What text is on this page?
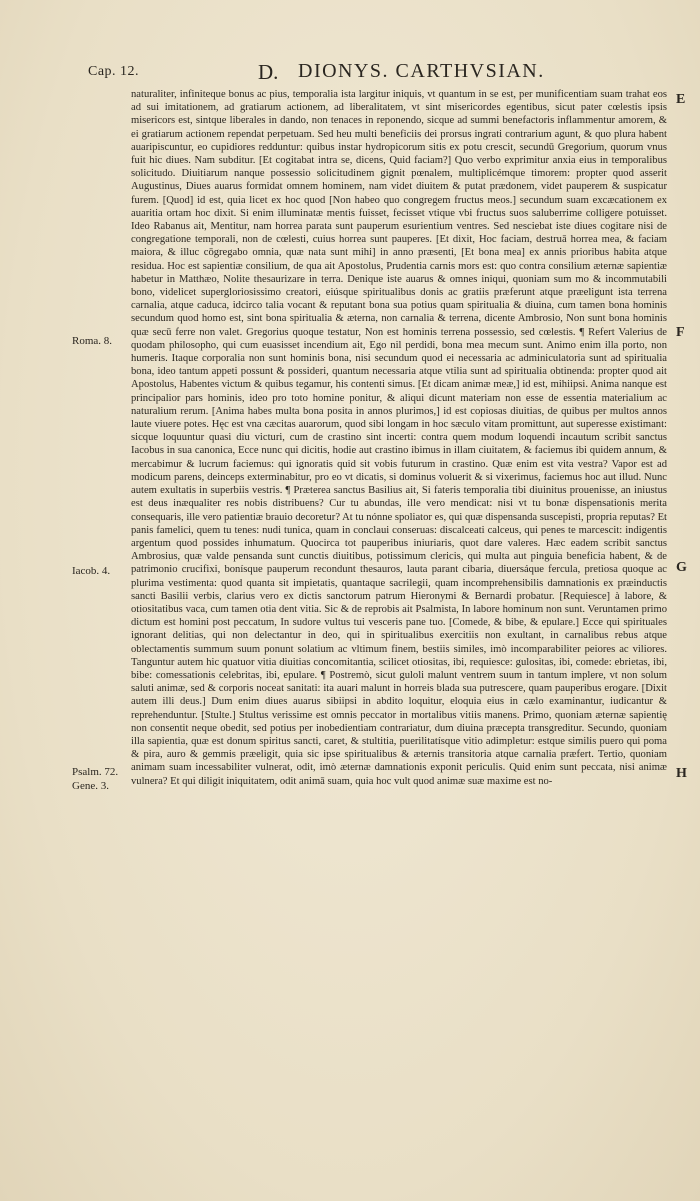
Cap. 12.	D. DIONYS. CARTHVSIAN.
Roma. 8.
Iacob. 4.
Psalm. 72.
Gene. 3.
E
F
G
H

naturaliter, infiniteque bonus ac pius, temporalia ista largitur iniquis, vt quantum in se est, per munificentiam suam trahat eos ad sui imitationem, ad gratiarum actionem, ad liberalitatem, vt sint misericordes egentibus, sicut pater cœlestis ipsis misericors est, sintque liberales in dando, non tenaces in reponendo, sicque ad summi benefactoris inflammentur amorem, & ei gratiarum actionem rependat perpetuam. Sed heu multi beneficiis dei prorsus ingrati contrarium agunt, & quo plura habent auaripiscuntur, eo cupidiores redduntur: quibus instar hydropicorum sitis ex potu crescit, secundū Gregorium, quorum vnus fuit hic diues. Nam subditur. [Et cogitabat intra se, dicens, Quid faciam?] Quo verbo exprimitur anxia eius in temporalibus solicitudo. Diuitiarum nanque possessio solicitudinem gignit pœnalem, multiplicémque timorem: propter quod asserit Augustinus, Diues auarus formidat omnem hominem, nam videt diuitem & putat prædonem, videt pauperem & suspicatur furem. [Quod] id est, quia licet ex hoc quod [Non habeo quo congregem fructus meos.] secundum suam excæcationem ex auaritia ortam hoc dixit. Si enim illuminatæ mentis fuisset, fecisset vtique vbi fructus suos saluberrime colligere potuisset. Ideo Rabanus ait, Mentitur, nam horrea parata sunt pauperum esurientium ventres. Sed nesciebat iste diues cogitare nisi de congregatione temporali, non de cœlesti, cuius horrea sunt pauperes. [Et dixit, Hoc faciam, destruā horrea mea, & faciam maiora, & illuc cōgregabo omnia, quæ nata sunt mihi] in anno præsenti, [Et bona mea] ex annis prioribus habita atque residua. Hoc est sapientiæ consilium, de qua ait Apostolus, Prudentia carnis mors est: quo contra consilium æternæ sapientiæ habetur in Matthæo, Nolite thesaurizare in terra. Denique iste auarus & omnes iniqui, quoniam sum mo & incommutabili bono, videlicet supergloriosissimo creatori, eiúsque spiritualibus donis ac gratiis præferunt atque præeligunt ista terrena carnalia, atque caduca, idcirco talia vocant & reputant bona sua potius quam spiritualia & diuina, cum tamen bona hominis secundum quod homo est, sint bona spiritualia & æterna, non carnalia & terrena, dicente Ambrosio, Non sunt bona hominis quæ secū ferre non valet. Gregorius quoque testatur, Non est hominis terrena possessio, sed cœlestis. ¶ Refert Valerius de quodam philosopho, qui cum euasisset incendium ait, Ego nil perdidi, bona mea mecum sunt. Animo enim illa porto, non humeris. Itaque corporalia non sunt hominis bona, nisi secundum quod ei necessaria ac adminiculatoria sunt ad spiritualia bona, ideo tantum appeti possunt & possideri, quantum necessaria atque vtilia sunt ad spiritualia obtinenda: propter quod ait Apostolus, Habentes victum & quibus tegamur, his contenti simus. [Et dicam animæ meæ,] id est, mihiipsi. Anima nanque est principalior pars hominis, ideo pro toto homine ponitur, & aliqui dicunt materiam non esse de essentia materialium ac naturalium rerum. [Anima habes multa bona posita in annos plurimos,] id est copiosas diuitias, de quibus per multos annos laute viuere potes. Hęc est vna cæcitas auarorum, quod sibi longam in hoc sæculo vitam promittunt, aut superesse existimant: sicque loquuntur quasi diu victuri, cum de crastino sint incerti: contra quem modum loquendi incautum scribit sanctus Iacobus in sua canonica, Ecce nunc qui dicitis, hodie aut crastino ibimus in illam ciuitatem, & faciemus ibi quidem annum, & mercabimur & lucrum faciemus: qui ignoratis quid sit vobis futurum in crastino. Quæ enim est vita vestra? Vapor est ad modicum parens, deinceps exterminabitur, pro eo vt dicatis, si dominus voluerit & si vixerimus, faciemus hoc aut illud. Nunc autem exultatis in superbiis vestris. ¶ Præterea sanctus Basilius ait, Si fateris temporalia tibi diuinitus prouenisse, an iniustus est deus inæqualiter res nobis distribuens? Cur tu abundas, ille vero mendicat: nisi vt tu bonæ dispensationis merita consequaris, ille vero patientiæ brauio decoretur? At tu nónne spoliator es, qui quæ dispensanda suscepisti, propria reputas? Et panis famelici, quem tu tenes: nudi tunica, quam in conclaui conseruas: discalceati calceus, qui penes te marcescit: indigentis argentum quod possides inhumatum. Quocirca tot pauperibus iniuriaris, quot dare valeres. Hæc eadem scribit sanctus Ambrosius, quæ valde pensanda sunt cunctis diuitibus, potissimum clericis, qui multa aut pinguia beneficia habent, & de patrimonio crucifixi, bonísque pauperum recondunt thesauros, lauta parant cibaria, diuersáque fercula, pretiosa quoque ac plurima vestimenta: quod quanta sit impietatis, quantaque sacrilegii, quam incomprehensibilis damnationis ex præinductis sancti Basilii verbis, clarius vero ex dictis sanctorum patrum Hieronymi & Bernardi probatur. [Requiesce] à labore, & otiositatibus vaca, cum tamen otia dent vitia. Sic & de reprobis ait Psalmista, In labore hominum non sunt. Veruntamen primo dictum est homini post peccatum, In sudore vultus tui vesceris pane tuo. [Comede, & bibe, & epulare.] Ecce qui spirituales ignorant delitias, qui non delectantur in deo, qui in spiritualibus exercitiis non exultant, in carnalibus rebus atque oblectamentis summum suum ponunt solatium ac vltimum finem, bestiis similes, imò incomparabiliter peiores ac viliores. Tanguntur autem hic quatuor vitia diuitias concomitantia, scilicet otiositas, ibi, requiesce: gulositas, ibi, comede: ebrietas, ibi, bibe: comessationis celebritas, ibi, epulare. ¶ Postremò, sicut guloli malunt ventrem suum in tantum implere, vt non solum saluti animæ, sed & corporis noceat sanitati: ita auari malunt in horreis blada sua putrescere, quam pauperibus erogare. [Dixit autem illi deus.] Dum enim diues auarus sibiipsi in abdito loquitur, eloquia eius in cælo examinantur, iudicantur & reprehenduntur. [Stulte.] Stultus verissime est omnis peccator in mortalibus vitiis manens. Primo, quoniam æternæ sapientię non consentit neque obedit, sed potius per inobedientiam contrariatur, dum diuina præcepta transgreditur. Secundo, quoniam illa sapientia, quæ est donum spiritus sancti, caret, & stultitia, puerilitatísque vitio adimpletur: estque similis puero qui poma & pira, auro & gemmis præeligit, quia sic ipse spiritualibus & æternis transitoria atque carnalia præfert. Tertio, quoniam animam suam incessabiliter vulnerat, odit, imò æternæ damnationis exponit periculis. Quid enim sunt peccata, nisi animæ vulnera? Et qui diligit iniquitatem, odit animā suam, quia hoc vult quod animæ suæ maxime est no-
